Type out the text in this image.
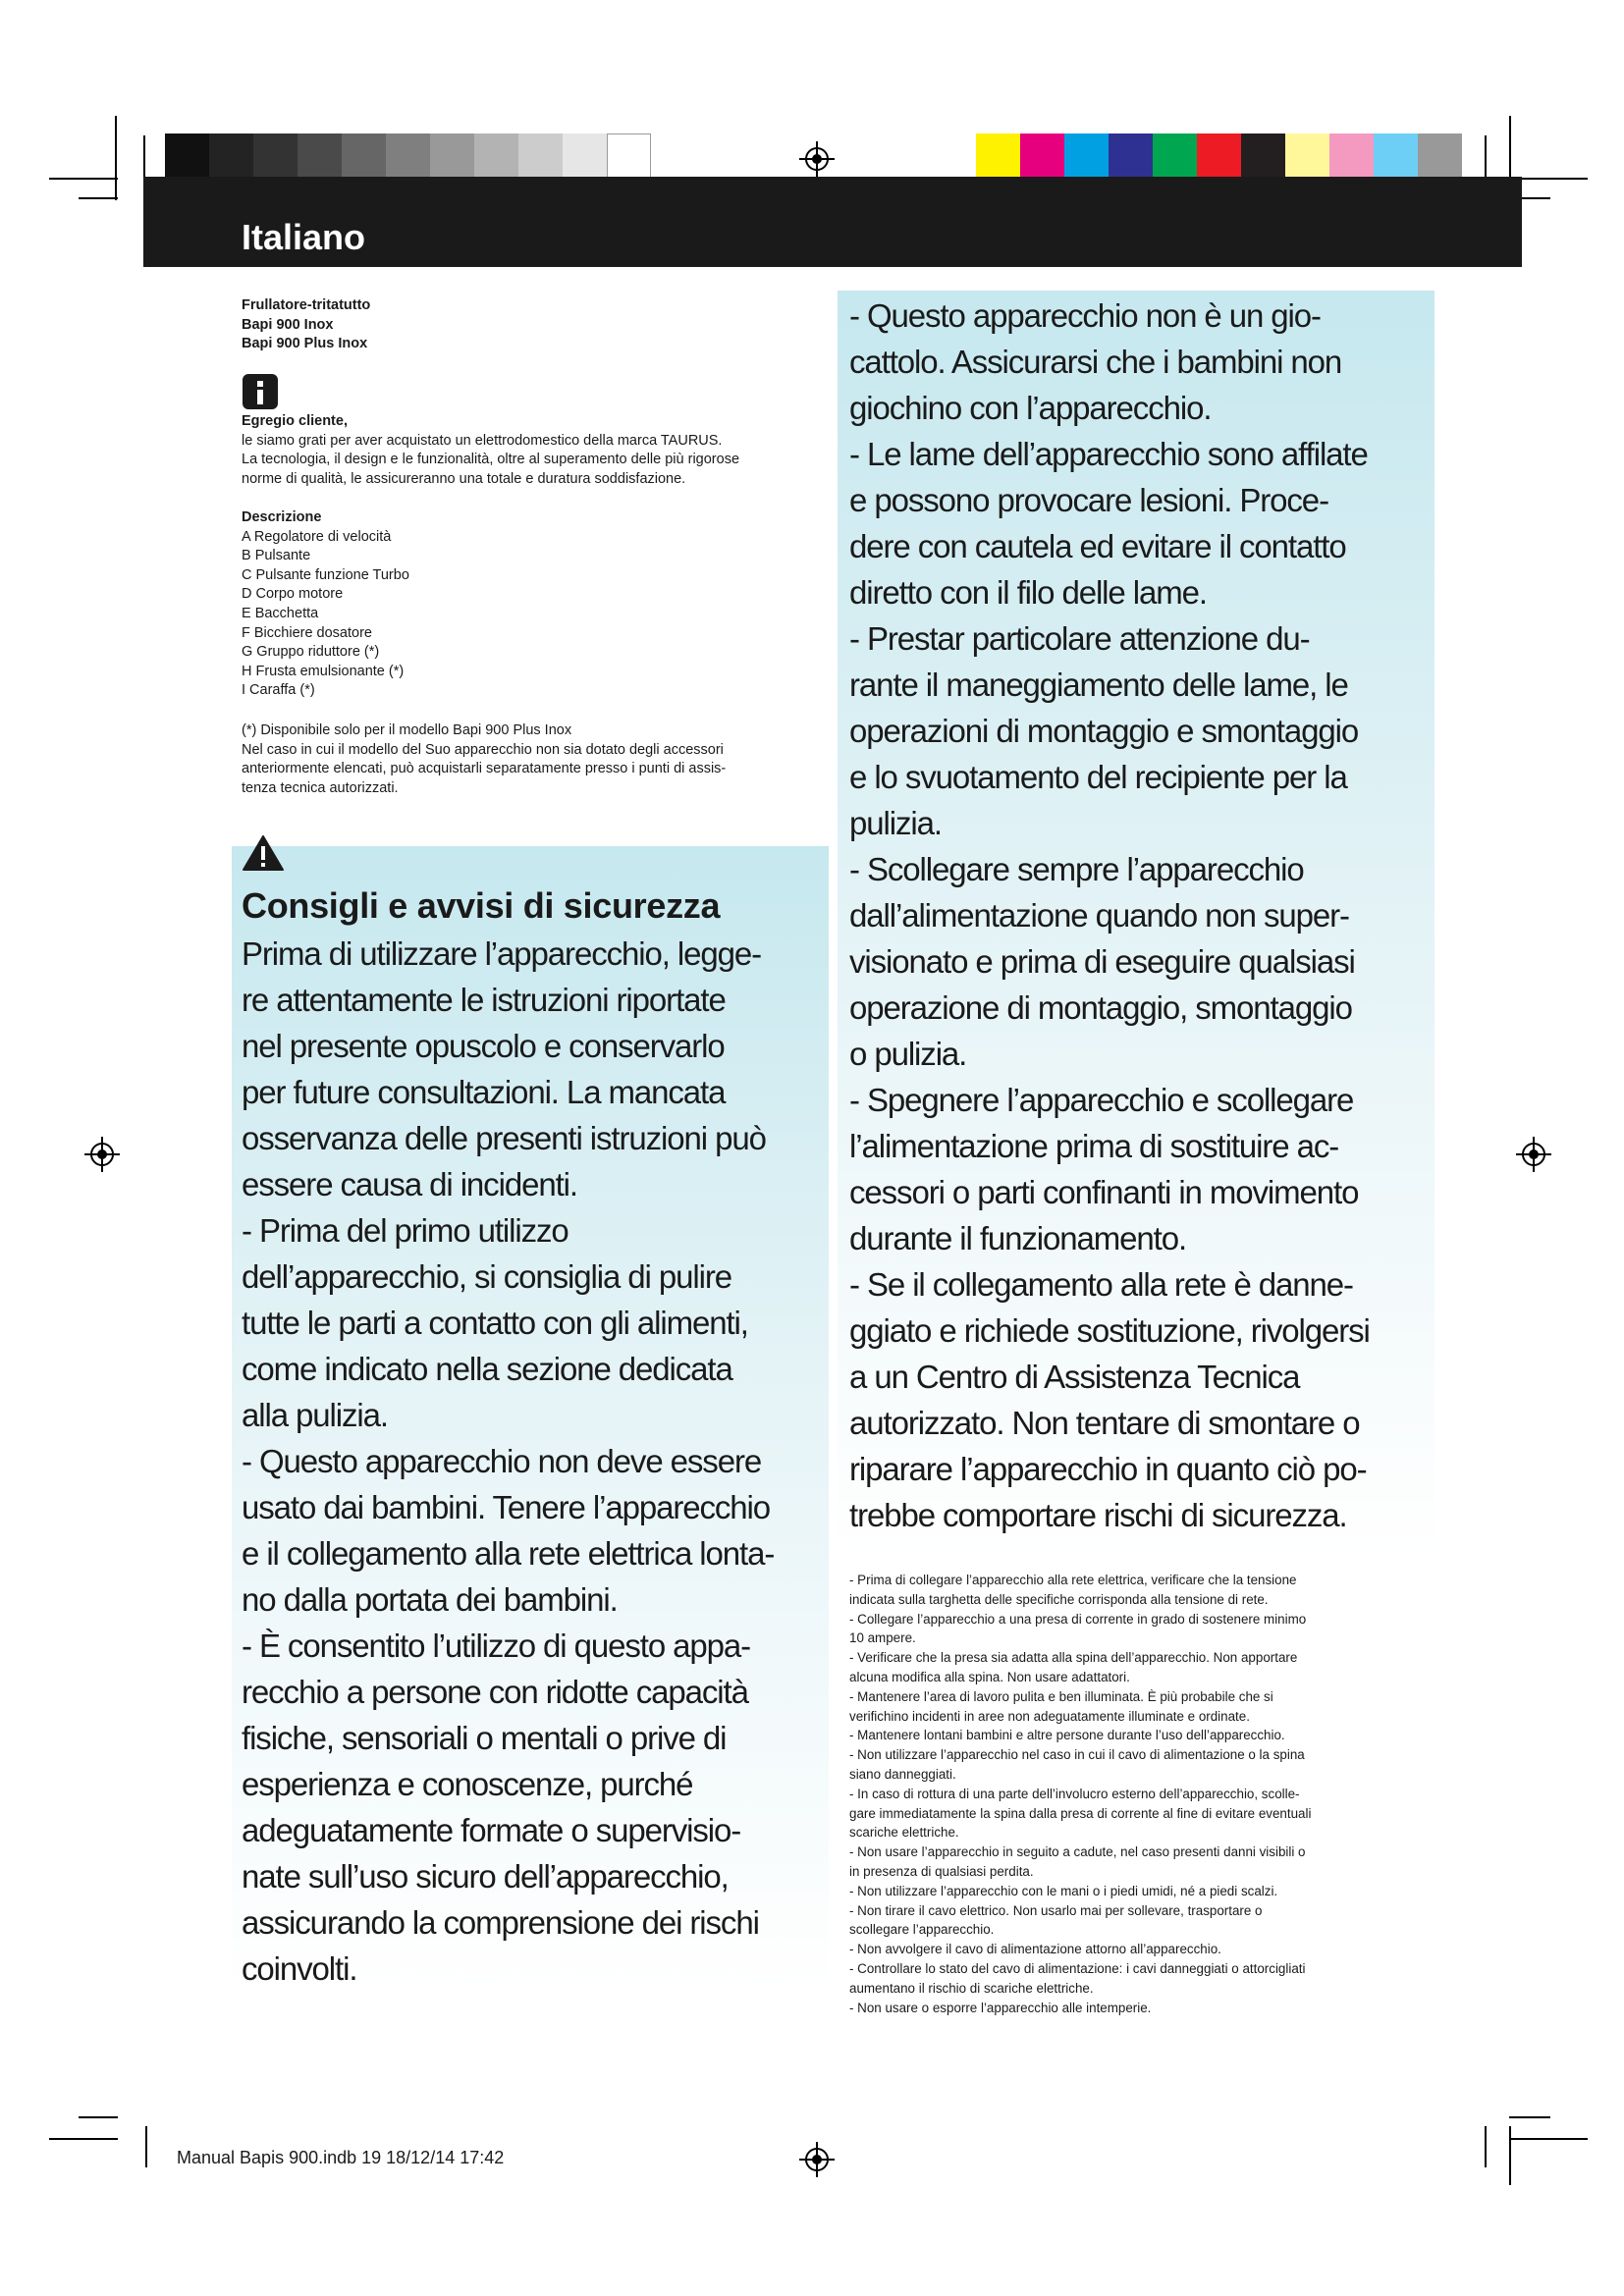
Italiano

Frullatore-tritatutto

Bapi 900 Inox

Bapi 900 Plus Inox

Egregio cliente,

le siamo grati per aver acquistato un elettrodomestico della marca TAURUS.

La tecnologia, il design e le funzionalità, oltre al superamento delle più rigorose

norme di qualità, le assicureranno una totale e duratura soddisfazione.

Descrizione

A Regolatore di velocità

B Pulsante

C Pulsante funzione Turbo

D Corpo motore

E Bacchetta

F Bicchiere dosatore

G Gruppo riduttore (*)

H Frusta emulsionante (*)

I Caraffa (*)

(*) Disponibile solo per il modello Bapi 900 Plus Inox

Nel caso in cui il modello del Suo apparecchio non sia dotato degli accessori

anteriormente elencati, può acquistarli separatamente presso i punti di assis-

tenza tecnica autorizzati.

Consigli e avvisi di sicurezza

Prima di utilizzare l’apparecchio, legge-

re attentamente le istruzioni riportate

nel presente opuscolo e conservarlo

per future consultazioni. La mancata

osservanza delle presenti istruzioni può

essere causa di incidenti.

- Prima del primo utilizzo

dell’apparecchio, si consiglia di pulire

tutte le parti a contatto con gli alimenti,

come indicato nella sezione dedicata

alla pulizia.

- Questo apparecchio non deve essere

usato dai bambini. Tenere l’apparecchio

e il collegamento alla rete elettrica lonta-

no dalla portata dei bambini.

- È consentito l’utilizzo di questo appa-

recchio a persone con ridotte capacità

fisiche, sensoriali o mentali o prive di

esperienza e conoscenze, purché

adeguatamente formate o supervisio-

nate sull’uso sicuro dell’apparecchio,

assicurando la comprensione dei rischi

coinvolti.

- Questo apparecchio non è un gio-

cattolo. Assicurarsi che i bambini non

giochino con l’apparecchio.

- Le lame dell’apparecchio sono affilate

e possono provocare lesioni. Proce-

dere con cautela ed evitare il contatto

diretto con il filo delle lame.

- Prestar particolare attenzione du-

rante il maneggiamento delle lame, le

operazioni di montaggio e smontaggio

e lo svuotamento del recipiente per la

pulizia.

- Scollegare sempre l’apparecchio

dall’alimentazione quando non super-

visionato e prima di eseguire qualsiasi

operazione di montaggio, smontaggio

o pulizia.

- Spegnere l’apparecchio e scollegare

l’alimentazione prima di sostituire ac-

cessori o parti confinanti in movimento

durante il funzionamento.

- Se il collegamento alla rete è danne-

ggiato e richiede sostituzione, rivolgersi

a un Centro di Assistenza Tecnica

autorizzato. Non tentare di smontare o

riparare l’apparecchio in quanto ciò po-

trebbe comportare rischi di sicurezza.

- Prima di collegare l’apparecchio alla rete elettrica, verificare che la tensione

indicata sulla targhetta delle specifiche corrisponda alla tensione di rete.

- Collegare l’apparecchio a una presa di corrente in grado di sostenere minimo

10 ampere.

- Verificare che la presa sia adatta alla spina dell’apparecchio. Non apportare

alcuna modifica alla spina. Non usare adattatori.

- Mantenere l’area di lavoro pulita e ben illuminata. È più probabile che si

verifichino incidenti in aree non adeguatamente illuminate e ordinate.

- Mantenere lontani bambini e altre persone durante l’uso dell’apparecchio.

- Non utilizzare l’apparecchio nel caso in cui il cavo di alimentazione o la spina

siano danneggiati.

- In caso di rottura di una parte dell’involucro esterno dell’apparecchio, scolle-

gare immediatamente la spina dalla presa di corrente al fine di evitare eventuali

scariche elettriche.

- Non usare l’apparecchio in seguito a cadute, nel caso presenti danni visibili o

in presenza di qualsiasi perdita.

- Non utilizzare l’apparecchio con le mani o i piedi umidi, né a piedi scalzi.

- Non tirare il cavo elettrico. Non usarlo mai per sollevare, trasportare o

scollegare l’apparecchio.

- Non avvolgere il cavo di alimentazione attorno all’apparecchio.

- Controllare lo stato del cavo di alimentazione: i cavi danneggiati o attorcigliati

aumentano il rischio di scariche elettriche.

- Non usare o esporre l’apparecchio alle intemperie.

Manual Bapis 900.indb 19 18/12/14 17:42
